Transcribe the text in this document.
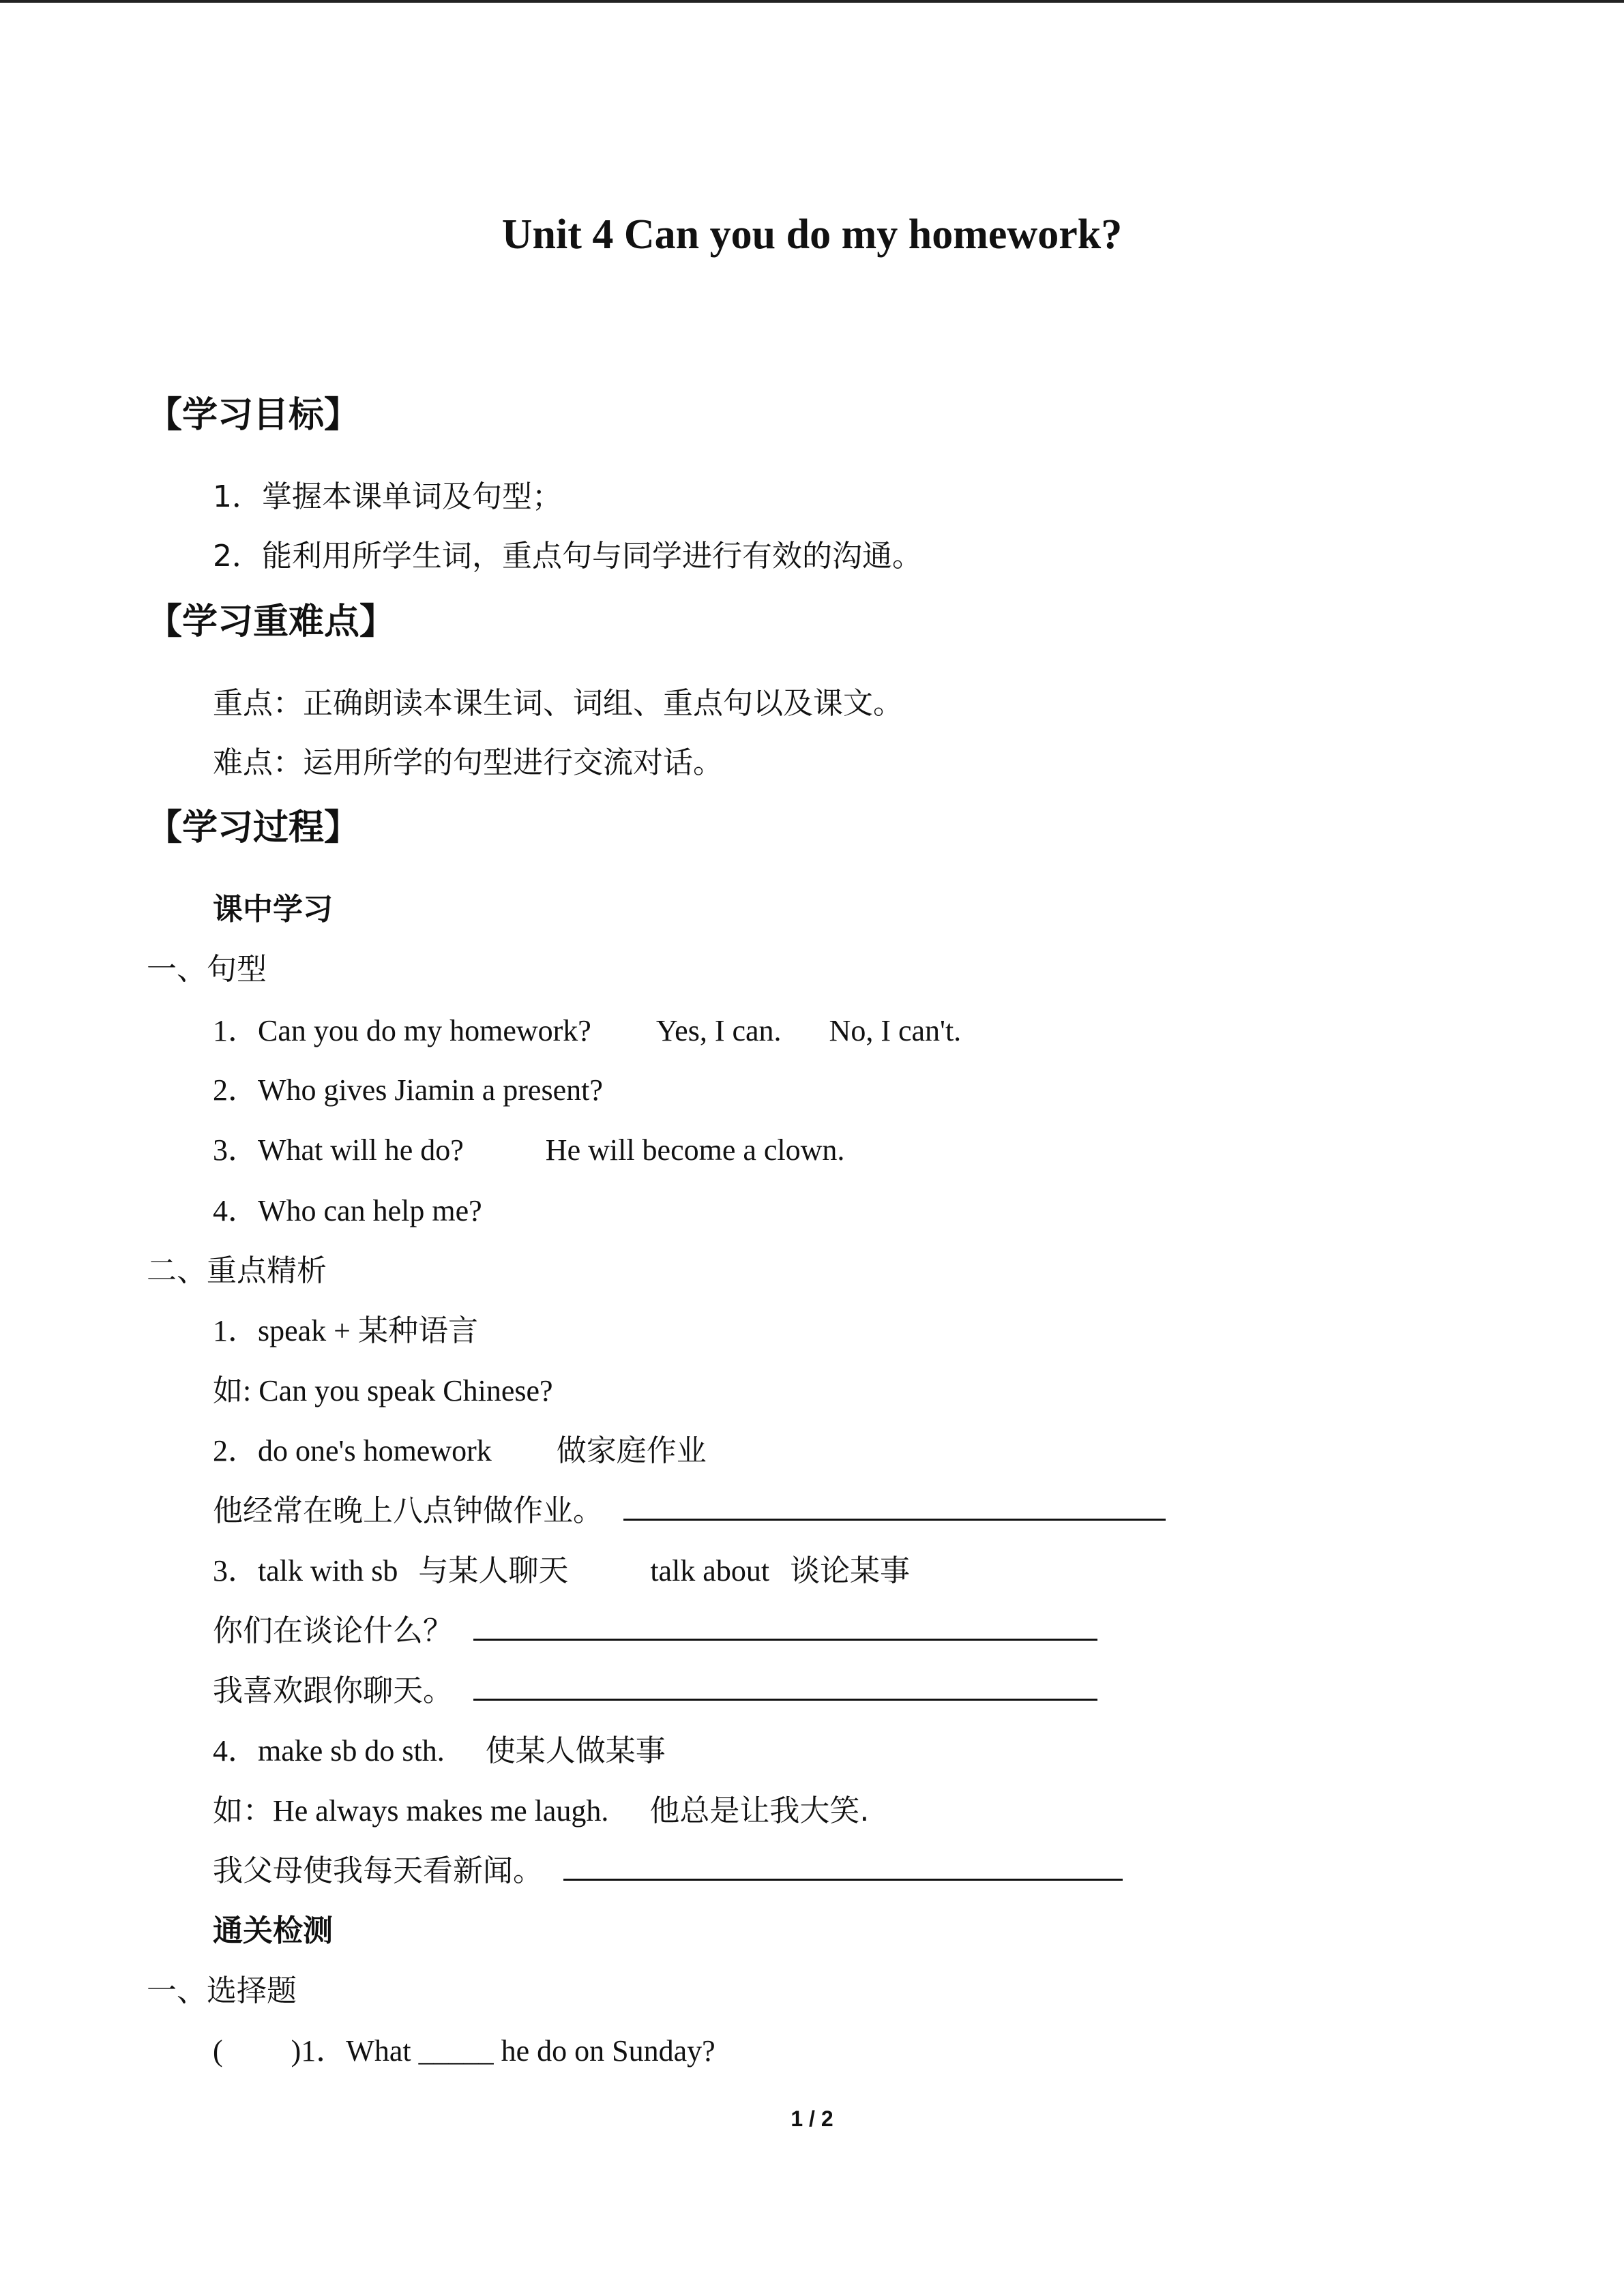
Unit 4 Can you do my homework?
【学习目标】
1．掌握本课单词及句型；
2．能利用所学生词，重点句与同学进行有效的沟通。
【学习重难点】
重点：正确朗读本课生词、词组、重点句以及课文。
难点：运用所学的句型进行交流对话。
【学习过程】
课中学习
一、句型
1．Can you do my homework? Yes, I can. No, I can't.
2．Who gives Jiamin a present?
3．What will he do?	He will become a clown.
4．Who can help me?
二、重点精析
1．speak + 某种语言
如: Can you speak Chinese?
2．do one's homework 做家庭作业
他经常在晚上八点钟做作业。
3．talk with sb 与某人聊天	talk about 谈论某事
你们在谈论什么？
我喜欢跟你聊天。
4．make sb do sth. 使某人做某事
如：He always makes me laugh. 他总是让我大笑.
我父母使我每天看新闻。
通关检测
一、选择题
( )1．What _____ he do on Sunday?
1 / 2
